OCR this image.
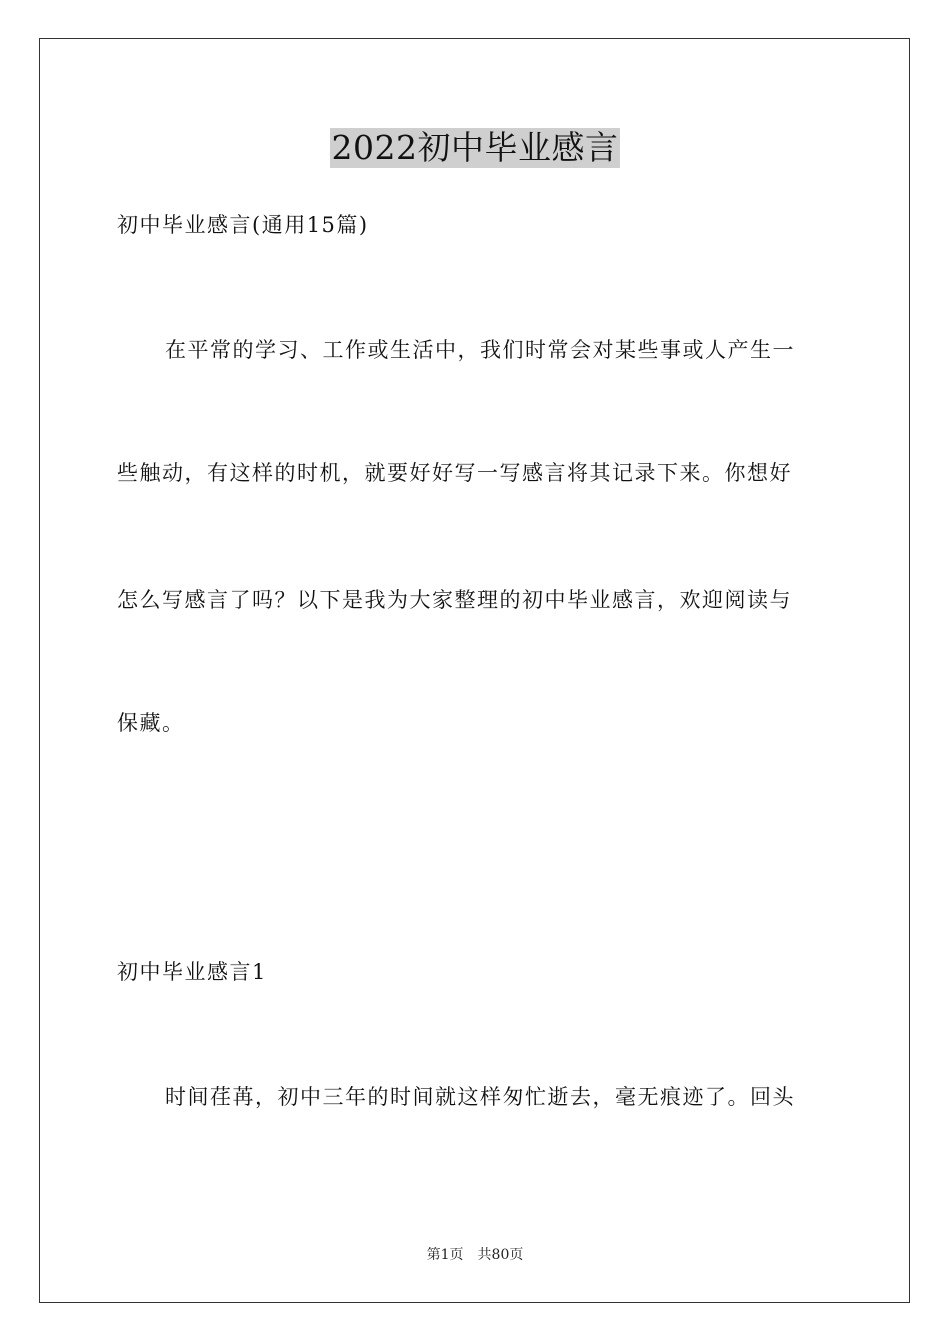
2022初中毕业感言
初中毕业感言(通用15篇)
在平常的学习、工作或生活中，我们时常会对某些事或人产生一
些触动，有这样的时机，就要好好写一写感言将其记录下来。你想好
怎么写感言了吗？以下是我为大家整理的初中毕业感言，欢迎阅读与
保藏。
初中毕业感言1
时间荏苒，初中三年的时间就这样匆忙逝去，毫无痕迹了。回头
第1页 共80页
